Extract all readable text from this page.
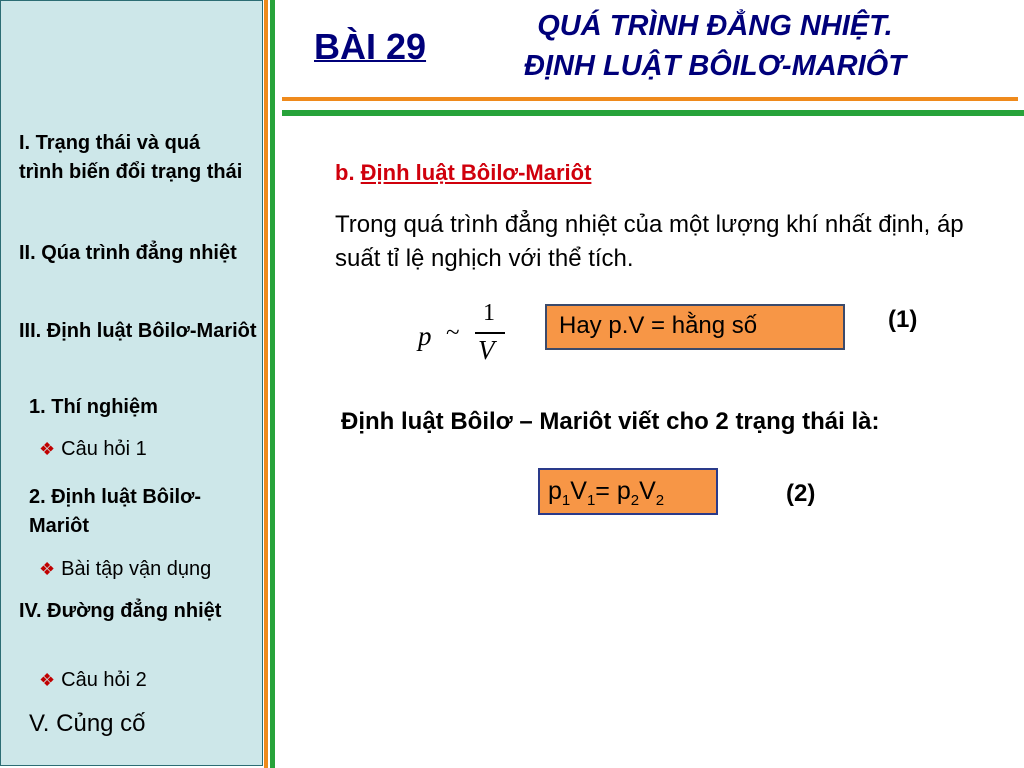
I. Trạng thái và quá trình biến đổi trạng thái
II. Qúa trình đẳng nhiệt
III. Định luật Bôilơ-Mariôt
1. Thí nghiệm
❖ Câu hỏi 1
2. Định luật Bôilơ-Mariôt
❖ Bài tập vận dụng
IV. Đường đẳng nhiệt
❖ Câu hỏi 2
V. Củng cố
BÀI 29	QUÁ TRÌNH ĐẲNG NHIỆT.
ĐỊNH LUẬT BÔILƠ-MARIÔT
b. Định luật Bôilơ-Mariôt
Trong quá trình đẳng nhiệt của một lượng khí nhất định, áp suất tỉ lệ nghịch với thể tích.
p ~
1
V
Hay p.V = hằng số	(1)
Định luật Bôilơ – Mariôt viết cho 2 trạng thái là:
$p_1V_1= p_2V_2$	(2)
